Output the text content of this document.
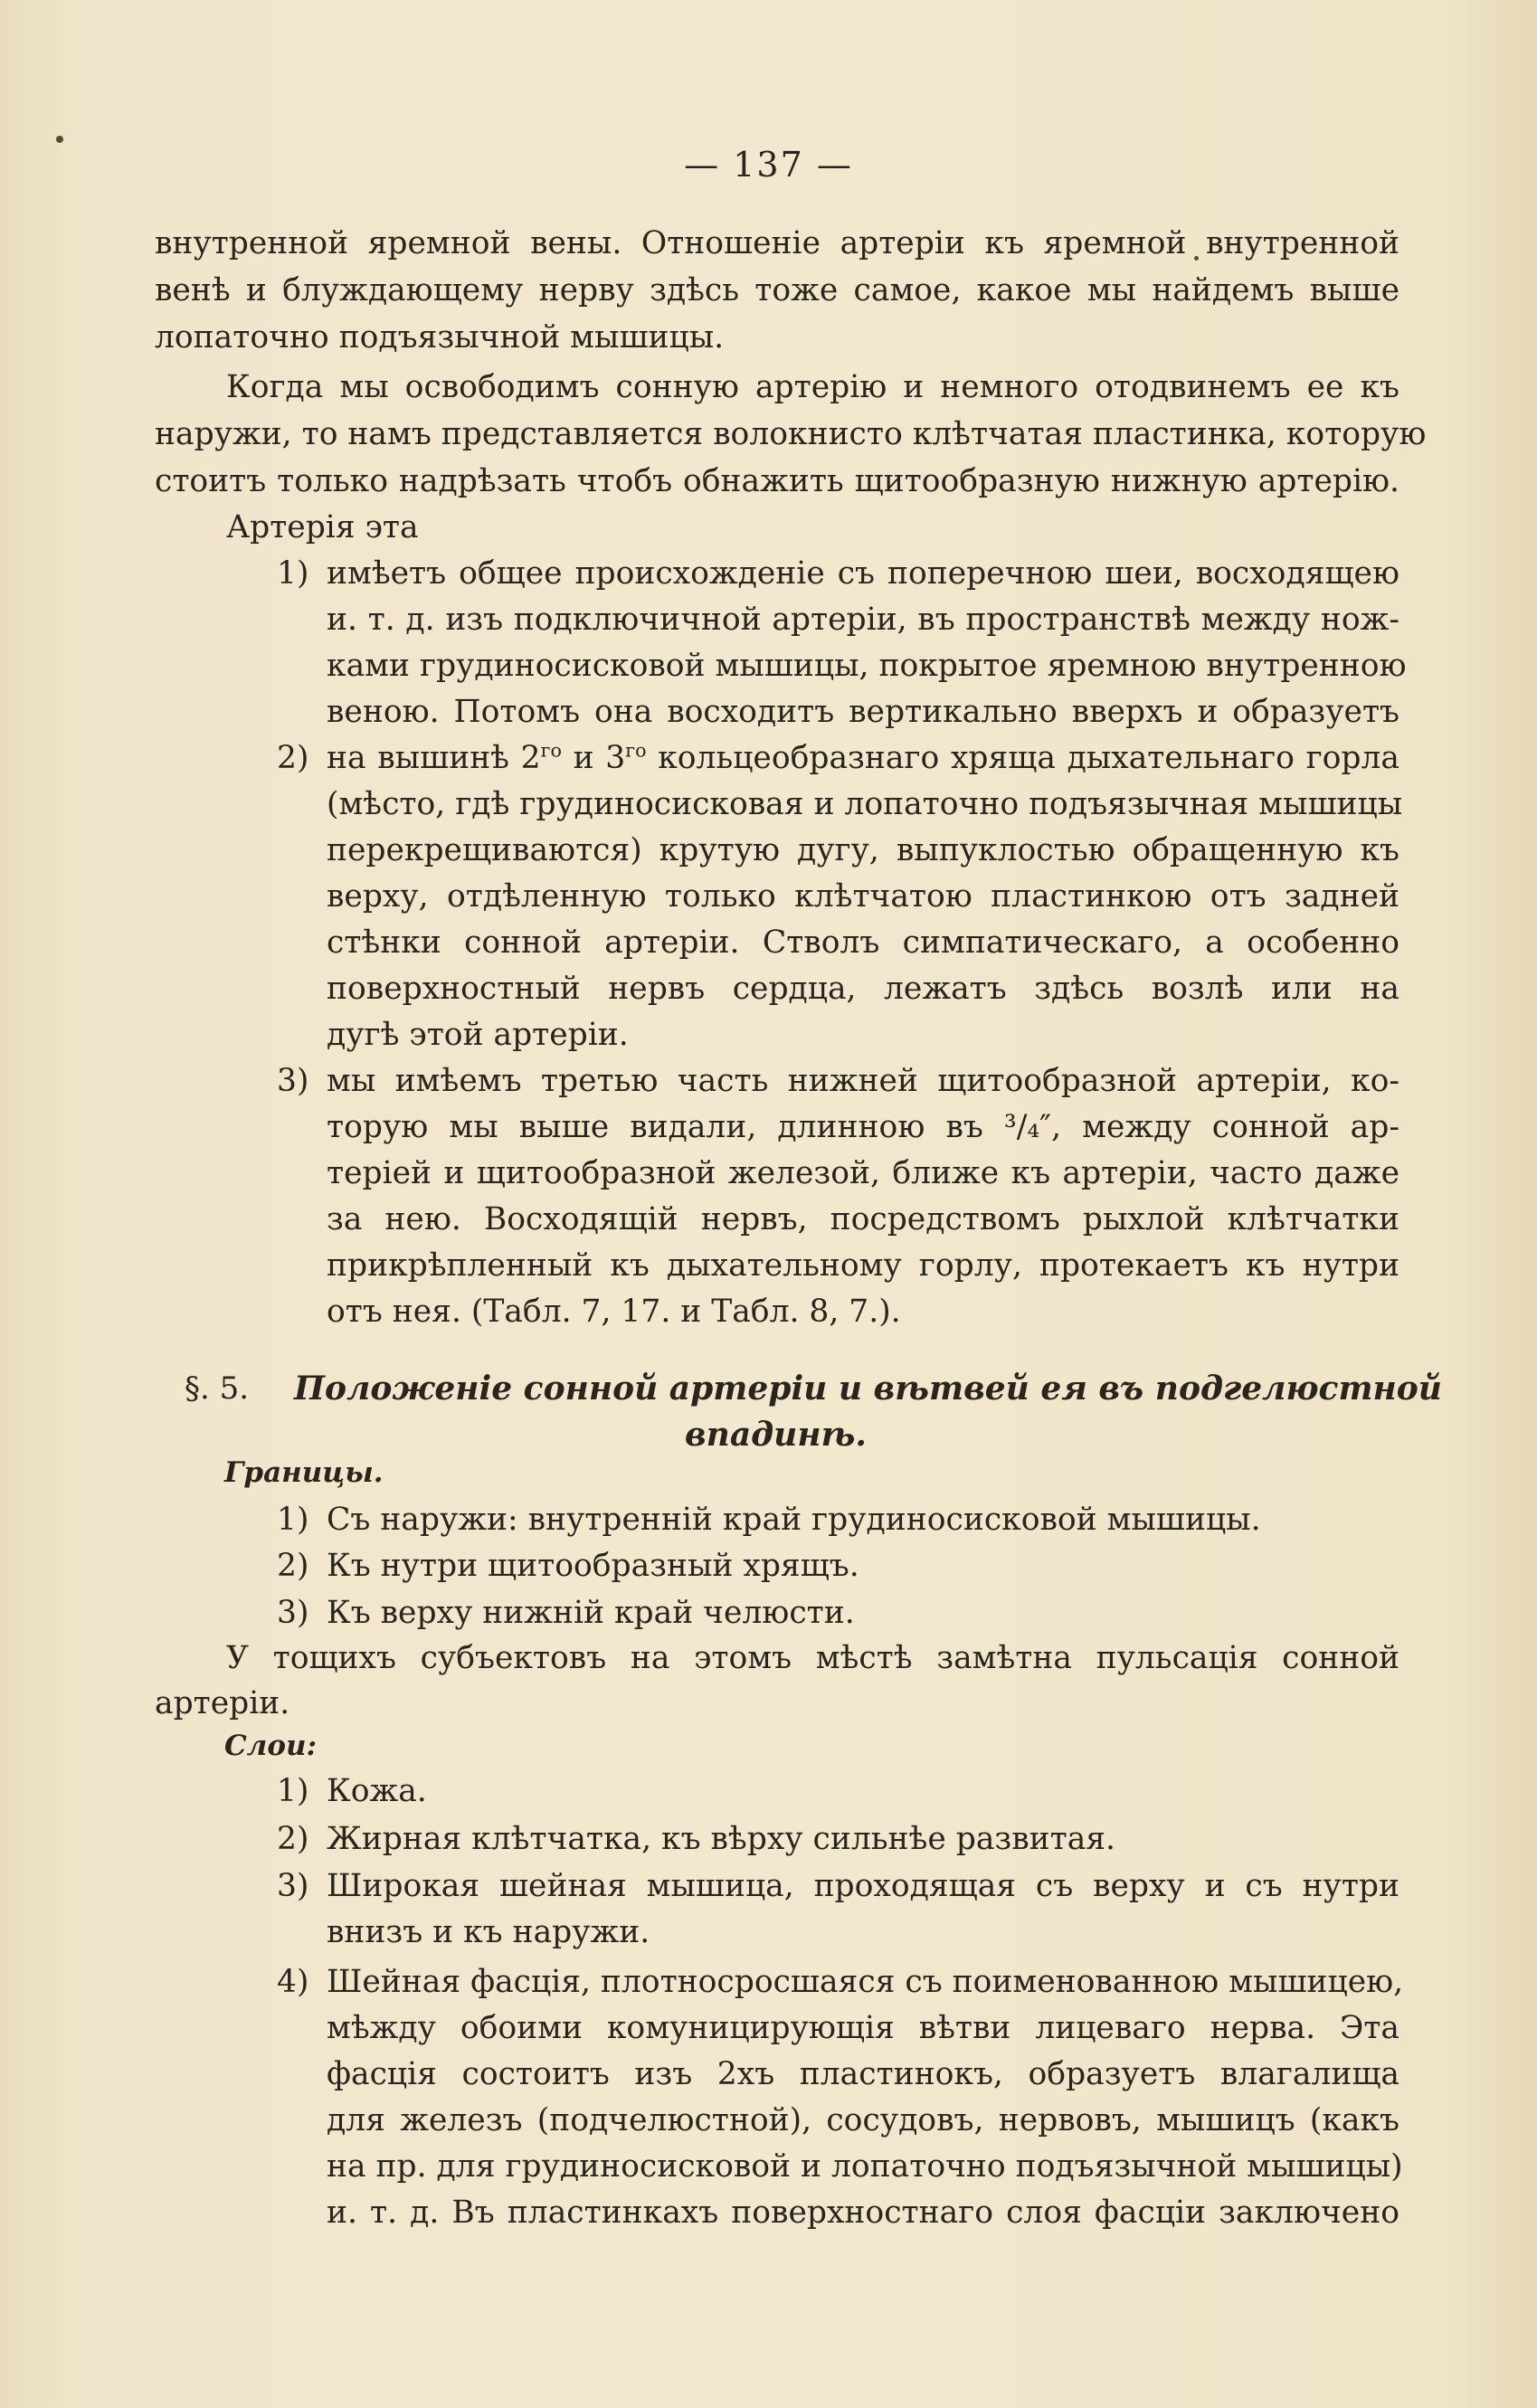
— 137 —
внутренной яремной вены. Отношеніе артеріи къ яремной внутренной
венѣ и блуждающему нерву здѣсь тоже самое, какое мы найдемъ выше
лопаточно подъязычной мышицы.
Когда мы освободимъ сонную артерію и немного отодвинемъ ее къ
наружи, то намъ представляется волокнисто клѣтчатая пластинка, которую
стоитъ только надрѣзать чтобъ обнажить щитообразную нижную артерію.
Артерія эта
1) имѣетъ общее происхожденіе съ поперечною шеи, восходящею
и. т. д. изъ подключичной артеріи, въ пространствѣ между нож-
ками грудиносисковой мышицы, покрытое яремною внутренною
веною. Потомъ она восходитъ вертикально вверхъ и образуетъ
2) на вышинѣ $2^{го}$ и $3^{го}$ кольцеобразнаго хряща дыхательнаго горла
(мѣсто, гдѣ грудиносисковая и лопаточно подъязычная мышицы
перекрещиваются) крутую дугу, выпуклостью обращенную къ
верху, отдѣленную только клѣтчатою пластинкою отъ задней
стѣнки сонной артеріи. Стволъ симпатическаго, а особенно
поверхностный нервъ сердца, лежатъ здѣсь возлѣ или на
дугѣ этой артеріи.
3) мы имѣемъ третью часть нижней щитообразной артеріи, ко-
торую мы выше видали, длинною въ ³/₄″, между сонной ар-
теріей и щитообразной железой, ближе къ артеріи, часто даже
за нею. Восходящій нервъ, посредствомъ рыхлой клѣтчатки
прикрѣпленный къ дыхательному горлу, протекаетъ къ нутри
отъ нея. (Табл. 7, 17. и Табл. 8, 7.).
§. 5. Положеніе сонной артеріи и вѣтвей ея въ подгелюстной
впадинѣ.
Границы.
1) Съ наружи: внутренній край грудиносисковой мышицы.
2) Къ нутри щитообразный хрящъ.
3) Къ верху нижній край челюсти.
У тощихъ субъектовъ на этомъ мѣстѣ замѣтна пульсація сонной
артеріи.
Слои:
1) Кожа.
2) Жирная клѣтчатка, къ вѣрху сильнѣе развитая.
3) Широкая шейная мышица, проходящая съ верху и съ нутри
внизъ и къ наружи.
4) Шейная фасція, плотносросшаяся съ поименованною мышицею,
мѣжду обоими комуницирующія вѣтви лицеваго нерва. Эта
фасція состоитъ изъ 2хъ пластинокъ, образуетъ влагалища
для железъ (подчелюстной), сосудовъ, нервовъ, мышицъ (какъ
на пр. для грудиносисковой и лопаточно подъязычной мышицы)
и. т. д. Въ пластинкахъ поверхностнаго слоя фасціи заключено
